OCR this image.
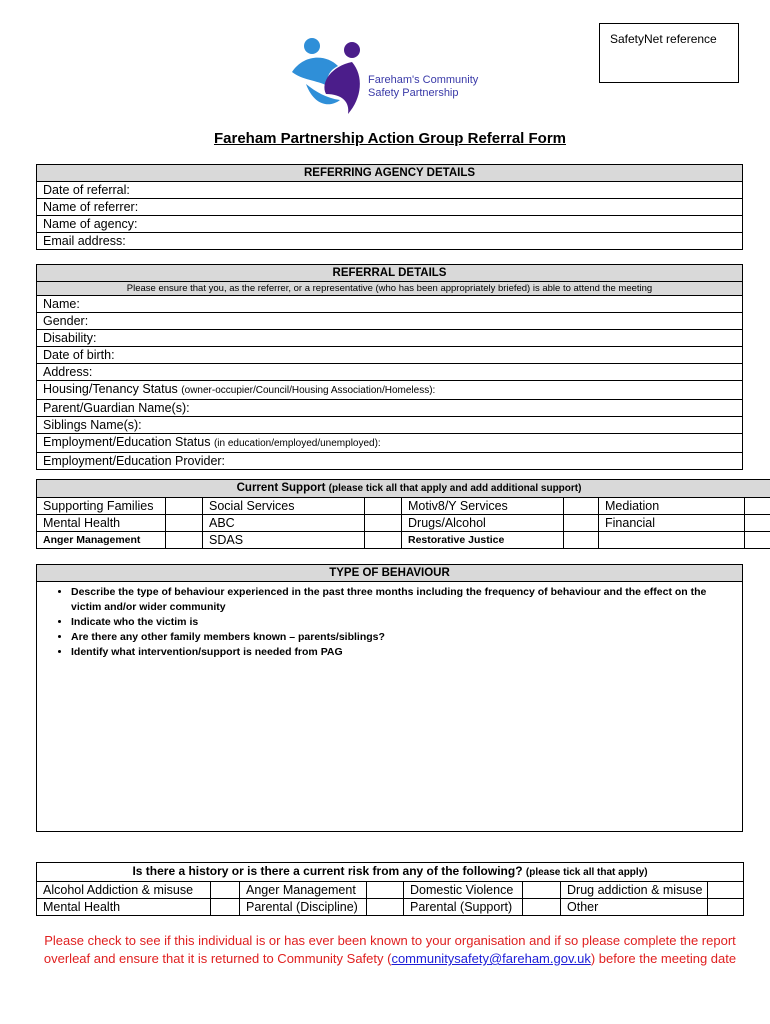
SafetyNet reference
Fareham's Community
Safety Partnership
Fareham Partnership Action Group Referral Form
REFERRING AGENCY DETAILS
Date of referral:
Name of referrer:
Name of agency:
Email address:
REFERRAL DETAILS
Please ensure that you, as the referrer, or a representative (who has been appropriately briefed) is able to attend the meeting
Name:
Gender:
Disability:
Date of birth:
Address:
Housing/Tenancy Status (owner-occupier/Council/Housing Association/Homeless):
Parent/Guardian Name(s):
Siblings Name(s):
Employment/Education Status (in education/employed/unemployed):
Employment/Education Provider:
Current Support (please tick all that apply and add additional support)							
Supporting Families		Social Services		Motiv8/Y Services		Mediation	
Mental Health		ABC		Drugs/Alcohol		Financial	
Anger Management		SDAS		Restorative Justice			
TYPE OF BEHAVIOUR

• Describe the type of behaviour experienced in the past three months including the frequency of behaviour and the effect on the victim and/or wider community
• Indicate who the victim is
• Are there any other family members known – parents/siblings?
• Identify what intervention/support is needed from PAG
Is there a history or is there a current risk from any of the following? (please tick all that apply)							
Alcohol Addiction & misuse		Anger Management		Domestic Violence		Drug addiction & misuse	
Mental Health		Parental (Discipline)		Parental (Support)		Other	
Please check to see if this individual is or has ever been known to your organisation and if so please complete the report overleaf and ensure that it is returned to Community Safety (communitysafety@fareham.gov.uk) before the meeting date
